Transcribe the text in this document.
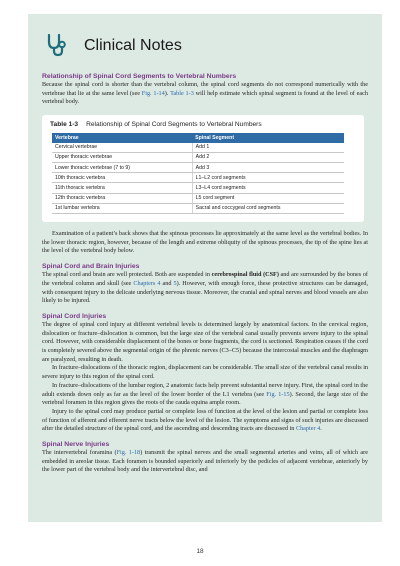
Clinical Notes
Relationship of Spinal Cord Segments to Vertebral Numbers

Because the spinal cord is shorter than the vertebral column, the spinal cord segments do not correspond numerically with the vertebrae that lie at the same level (see Fig. 1-14). Table 1-3 will help estimate which spinal segment is found at the level of each vertebral body.

Table 1-3 Relationship of Spinal Cord Segments to Vertebral Numbers
Vertebrae	Spinal Segment
Cervical vertebrae	Add 1
Upper thoracic vertebrae	Add 2
Lower thoracic vertebrae (7 to 9)	Add 3
10th thoracic vertebra	L1–L2 cord segments
11th thoracic vertebra	L3–L4 cord segments
12th thoracic vertebra	L5 cord segment
1st lumbar vertebra	Sacral and coccygeal cord segments

Examination of a patient’s back shows that the spinous processes lie approximately at the same level as the vertebral bodies. In the lower thoracic region, however, because of the length and extreme obliquity of the spinous processes, the tip of the spine lies at the level of the vertebral body below.

Spinal Cord and Brain Injuries

The spinal cord and brain are well protected. Both are suspended in cerebrospinal fluid (CSF) and are surrounded by the bones of the vertebral column and skull (see Chapters 4 and 5). However, with enough force, these protective structures can be damaged, with consequent injury to the delicate underlying nervous tissue. Moreover, the cranial and spinal nerves and blood vessels are also likely to be injured.

Spinal Cord Injuries

The degree of spinal cord injury at different vertebral levels is determined largely by anatomical factors. In the cervical region, dislocation or fracture–dislocation is common, but the large size of the vertebral canal usually prevents severe injury to the spinal cord. However, with considerable displacement of the bones or bone fragments, the cord is sectioned. Respiration ceases if the cord is completely severed above the segmental origin of the phrenic nerves (C3–C5) because the intercostal muscles and the diaphragm are paralyzed, resulting in death.

In fracture–dislocations of the thoracic region, displacement can be considerable. The small size of the vertebral canal results in severe injury to this region of the spinal cord.

In fracture–dislocations of the lumbar region, 2 anatomic facts help prevent substantial nerve injury. First, the spinal cord in the adult extends down only as far as the level of the lower border of the L1 vertebra (see Fig. 1-15). Second, the large size of the vertebral foramen in this region gives the roots of the cauda equina ample room.

Injury to the spinal cord may produce partial or complete loss of function at the level of the lesion and partial or complete loss of function of afferent and efferent nerve tracts below the level of the lesion. The symptoms and signs of such injuries are discussed after the detailed structure of the spinal cord, and the ascending and descending tracts are discussed in Chapter 4.

Spinal Nerve Injuries

The intervertebral foramina (Fig. 1-18) transmit the spinal nerves and the small segmental arteries and veins, all of which are embedded in areolar tissue. Each foramen is bounded superiorly and inferiorly by the pedicles of adjacent vertebrae, anteriorly by the lower part of the vertebral body and the intervertebral disc, and

18
